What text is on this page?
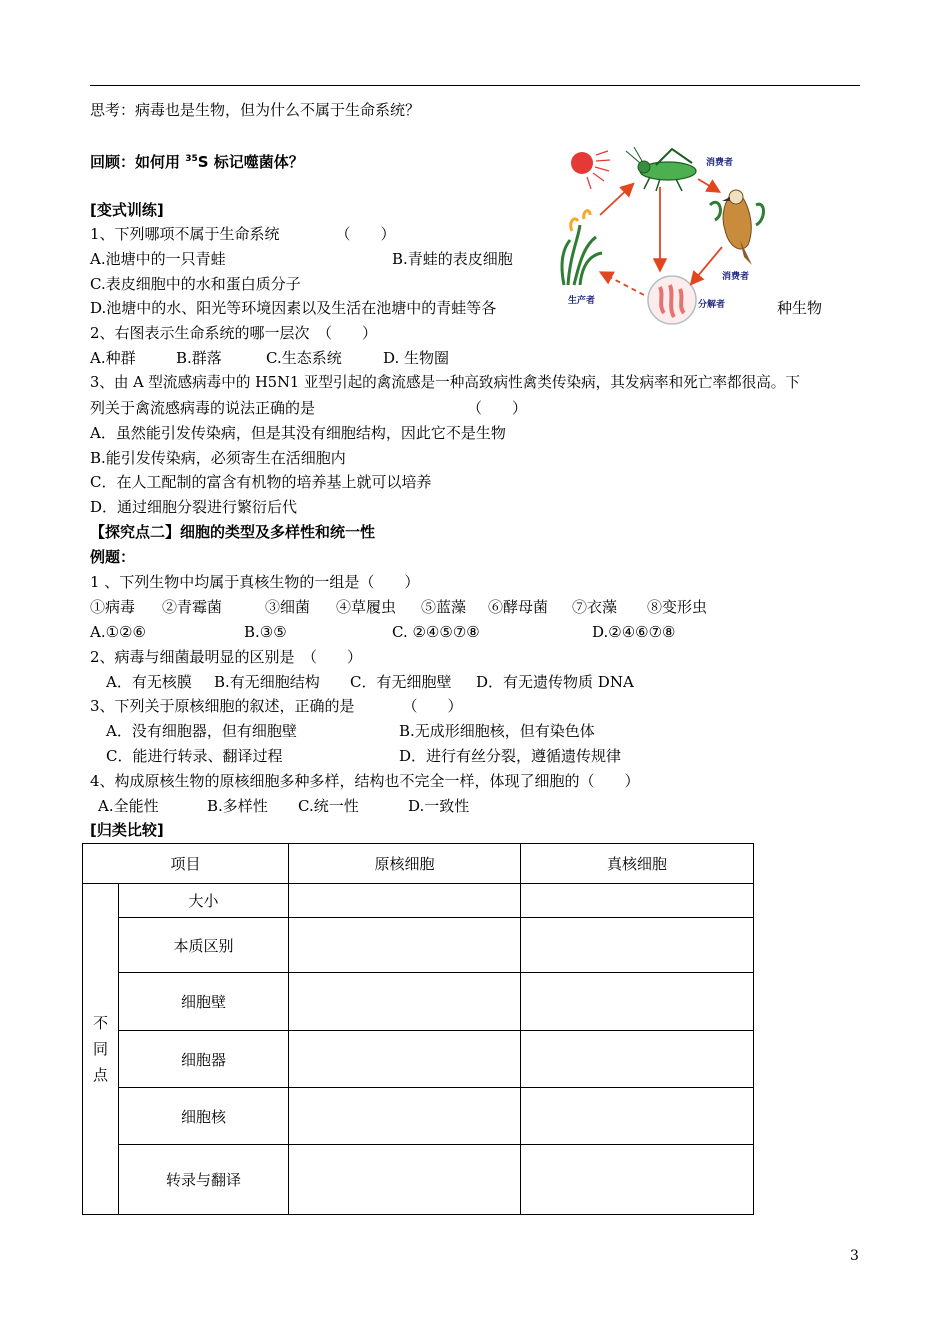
思考：病毒也是生物，但为什么不属于生命系统？
回顾：如何用 $^{35}$S 标记噬菌体？
[变式训练]
1、下列哪项不属于生命系统	（　　）
A.池塘中的一只青蛙	B.青蛙的表皮细胞
C.表皮细胞中的水和蛋白质分子
D.池塘中的水、阳光等环境因素以及生活在池塘中的青蛙等各	种生物
2、右图表示生命系统的哪一层次　（　　）
A.种群	B.群落	C.生态系统	D. 生物圈
3、由 A 型流感病毒中的 H5N1 亚型引起的禽流感是一种高致病性禽类传染病，其发病率和死亡率都很高。下
列关于禽流感病毒的说法正确的是	（　　）
A．虽然能引发传染病，但是其没有细胞结构，因此它不是生物
B.能引发传染病，必须寄生在活细胞内
C．在人工配制的富含有机物的培养基上就可以培养
D．通过细胞分裂进行繁衍后代
【探究点二】细胞的类型及多样性和统一性
例题：
1 、下列生物中均属于真核生物的一组是（　　）
①病毒 ②青霉菌	③细菌 ④草履虫 ⑤蓝藻 ⑥酵母菌 ⑦衣藻 ⑧变形虫
A.①②⑥	B.③⑤	C. ②④⑤⑦⑧	D.②④⑥⑦⑧
2、病毒与细菌最明显的区别是　（　　）
A．有无核膜 B.有无细胞结构 C．有无细胞壁 D．有无遗传物质 DNA
3、下列关于原核细胞的叙述，正确的是	（　　）
A．没有细胞器，但有细胞壁	B.无成形细胞核，但有染色体
C．能进行转录、翻译过程	D．进行有丝分裂，遵循遗传规律
4、构成原核生物的原核细胞多种多样，结构也不完全一样，体现了细胞的（　　）
A.全能性	B.多样性 C.统一性	D.一致性
[归类比较]
项目		原核细胞	真核细胞

不
同
点	大小		
	本质区别		
	细胞壁		
	细胞器		
	细胞核		
	转录与翻译		
消费者
消费者
生产者	分解者
3
